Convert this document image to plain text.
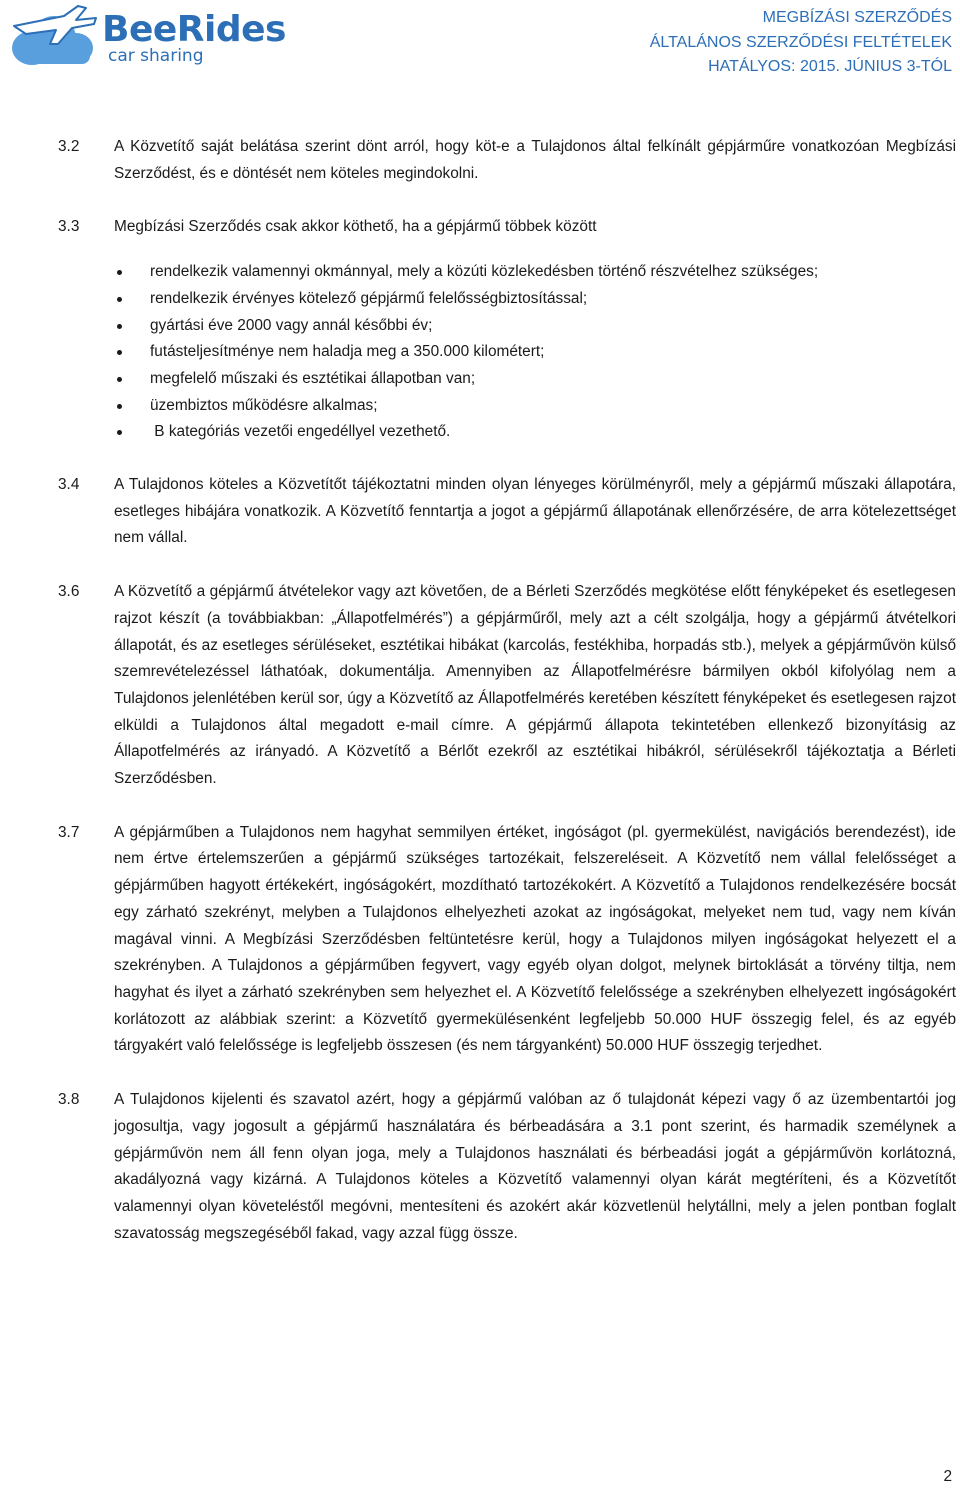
BeeRides
car sharing
MEGBÍZÁSI SZERZŐDÉS
ÁLTALÁNOS SZERZŐDÉSI FELTÉTELEK
HATÁLYOS: 2015. JÚNIUS 3-TÓL
3.2 A Közvetítő saját belátása szerint dönt arról, hogy köt-e a Tulajdonos által felkínált gépjárműre vonatkozóan Megbízási Szerződést, és e döntését nem köteles megindokolni.

3.3 Megbízási Szerződés csak akkor köthető, ha a gépjármű többek között

rendelkezik valamennyi okmánnyal, mely a közúti közlekedésben történő részvételhez szükséges;
rendelkezik érvényes kötelező gépjármű felelősségbiztosítással;
gyártási éve 2000 vagy annál későbbi év;
futásteljesítménye nem haladja meg a 350.000 kilométert;
megfelelő műszaki és esztétikai állapotban van;
üzembiztos működésre alkalmas;
B kategóriás vezetői engedéllyel vezethető.
3.4 A Tulajdonos köteles a Közvetítőt tájékoztatni minden olyan lényeges körülményről, mely a gépjármű műszaki állapotára, esetleges hibájára vonatkozik. A Közvetítő fenntartja a jogot a gépjármű állapotának ellenőrzésére, de arra kötelezettséget nem vállal.

3.6 A Közvetítő a gépjármű átvételekor vagy azt követően, de a Bérleti Szerződés megkötése előtt fényképeket és esetlegesen rajzot készít (a továbbiakban: „Állapotfelmérés”) a gépjárműről, mely azt a célt szolgálja, hogy a gépjármű átvételkori állapotát, és az esetleges sérüléseket, esztétikai hibákat (karcolás, festékhiba, horpadás stb.), melyek a gépjárművön külső szemrevételezéssel láthatóak, dokumentálja. Amennyiben az Állapotfelmérésre bármilyen okból kifolyólag nem a Tulajdonos jelenlétében kerül sor, úgy a Közvetítő az Állapotfelmérés keretében készített fényképeket és esetlegesen rajzot elküldi a Tulajdonos által megadott e-mail címre. A gépjármű állapota tekintetében ellenkező bizonyításig az Állapotfelmérés az irányadó. A Közvetítő a Bérlőt ezekről az esztétikai hibákról, sérülésekről tájékoztatja a Bérleti Szerződésben.

3.7 A gépjárműben a Tulajdonos nem hagyhat semmilyen értéket, ingóságot (pl. gyermekülést, navigációs berendezést), ide nem értve értelemszerűen a gépjármű szükséges tartozékait, felszereléseit. A Közvetítő nem vállal felelősséget a gépjárműben hagyott értékekért, ingóságokért, mozdítható tartozékokért. A Közvetítő a Tulajdonos rendelkezésére bocsát egy zárható szekrényt, melyben a Tulajdonos elhelyezheti azokat az ingóságokat, melyeket nem tud, vagy nem kíván magával vinni. A Megbízási Szerződésben feltüntetésre kerül, hogy a Tulajdonos milyen ingóságokat helyezett el a szekrényben. A Tulajdonos a gépjárműben fegyvert, vagy egyéb olyan dolgot, melynek birtoklását a törvény tiltja, nem hagyhat és ilyet a zárható szekrényben sem helyezhet el. A Közvetítő felelőssége a szekrényben elhelyezett ingóságokért korlátozott az alábbiak szerint: a Közvetítő gyermekülésenként legfeljebb 50.000 HUF összegig felel, és az egyéb tárgyakért való felelőssége is legfeljebb összesen (és nem tárgyanként) 50.000 HUF összegig terjedhet.

3.8 A Tulajdonos kijelenti és szavatol azért, hogy a gépjármű valóban az ő tulajdonát képezi vagy ő az üzembentartói jog jogosultja, vagy jogosult a gépjármű használatára és bérbeadására a 3.1 pont szerint, és harmadik személynek a gépjárművön nem áll fenn olyan joga, mely a Tulajdonos használati és bérbeadási jogát a gépjárművön korlátozná, akadályozná vagy kizárná. A Tulajdonos köteles a Közvetítő valamennyi olyan kárát megtéríteni, és a Közvetítőt valamennyi olyan követeléstől megóvni, mentesíteni és azokért akár közvetlenül helytállni, mely a jelen pontban foglalt szavatosság megszegéséből fakad, vagy azzal függ össze.

2
